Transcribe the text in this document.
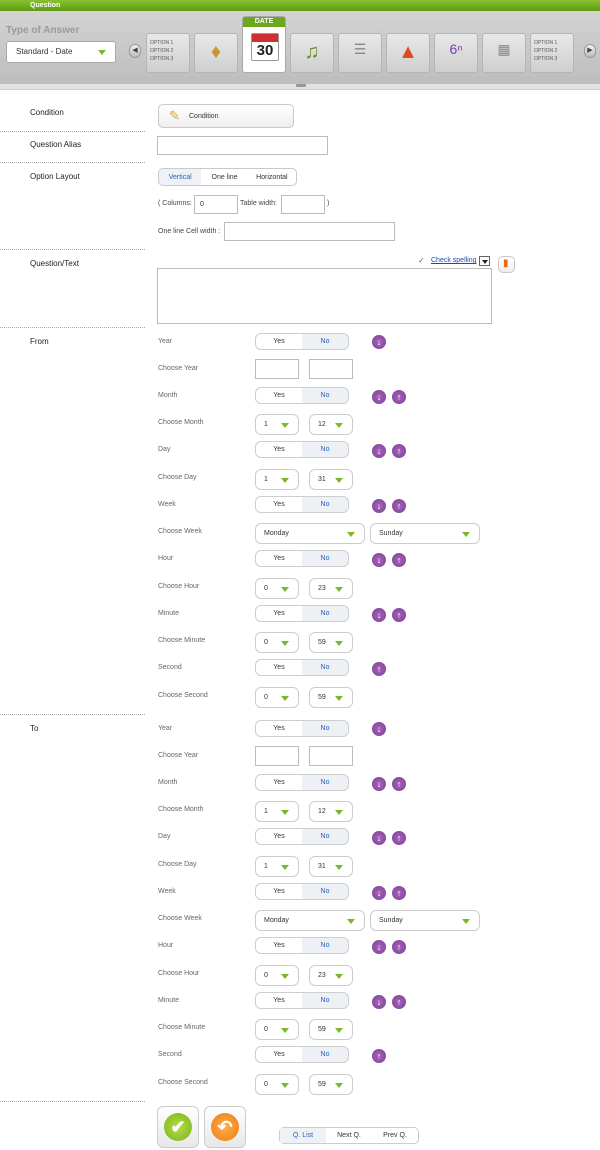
Question
Type of Answer
Standard - Date	◀
OPTION 1
OPTION 2
OPTION 3	♦
DATE
30	♫	☰	▲	6ⁿ	▦	OPTION 1
OPTION 2
OPTION 3
▶
Condition	✎ Condition
Question Alias
Option Layout	Vertical	One line	Horizontal
( Columns:	0	Table width:	)
One line Cell width :
Question/Text	✓ Check spelling	▮
From	Year	Yes	No	↓
Choose Year
Month	Yes	No	↓	↑
Choose Month	1	12
Day	Yes	No	↓	↑
Choose Day	1	31
Week	Yes	No	↓	↑
Choose Week	Monday	Sunday
Hour	Yes	No	↓	↑
Choose Hour	0	23
Minute	Yes	No	↓	↑
Choose Minute	0	59
Second	Yes	No	↑
Choose Second	0	59
To	Year	Yes	No	↓
Choose Year
Month	Yes	No	↓	↑
Choose Month	1	12
Day	Yes	No	↓	↑
Choose Day	1	31
Week	Yes	No	↓	↑
Choose Week	Monday	Sunday
Hour	Yes	No	↓	↑
Choose Hour	0	23
Minute	Yes	No	↓	↑
Choose Minute	0	59
Second	Yes	No	↑
Choose Second	0	59
✔	↶	Q. List	Next Q.	Prev Q.
